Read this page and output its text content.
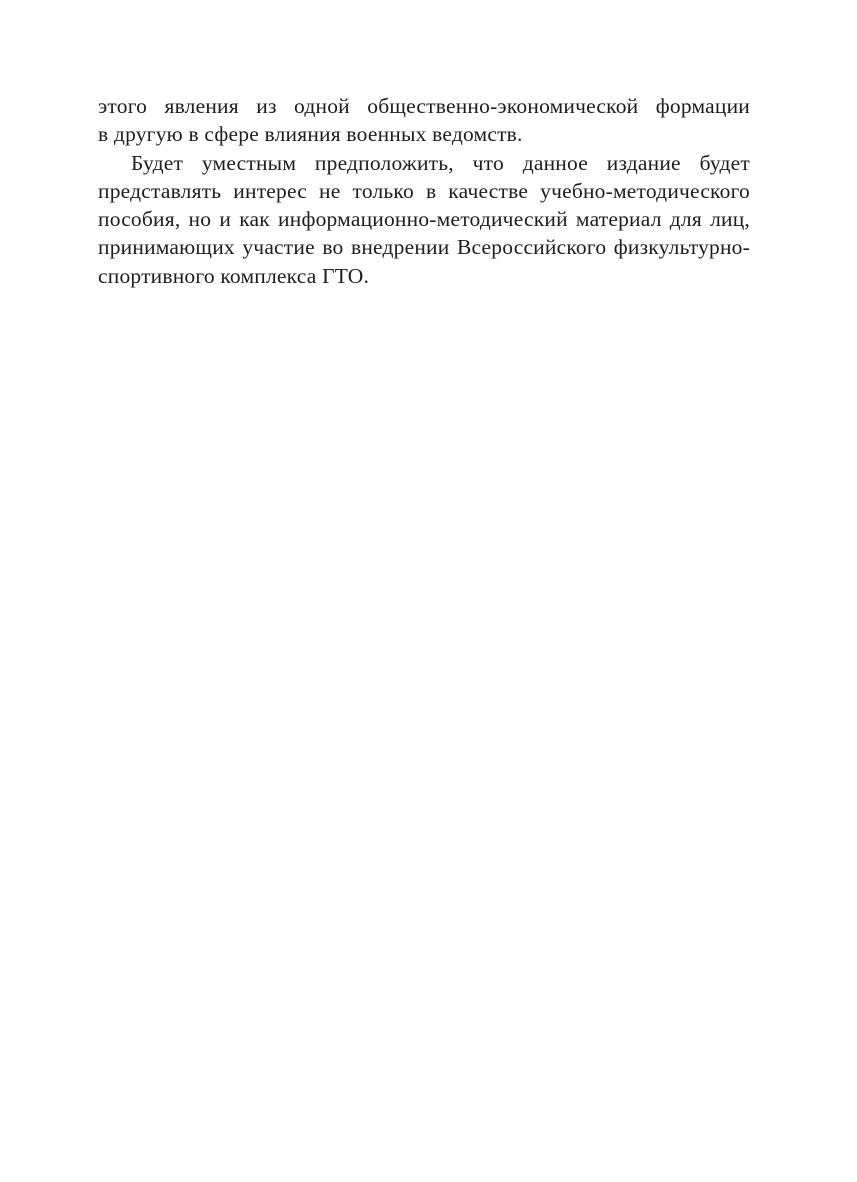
этого явления из одной общественно-экономической формации
в другую в сфере влияния военных ведомств.
Будет уместным предположить, что данное издание будет
представлять интерес не только в качестве учебно-методического
пособия, но и как информационно-методический материал для лиц,
принимающих участие во внедрении Всероссийского физкультурно-
спортивного комплекса ГТО.
